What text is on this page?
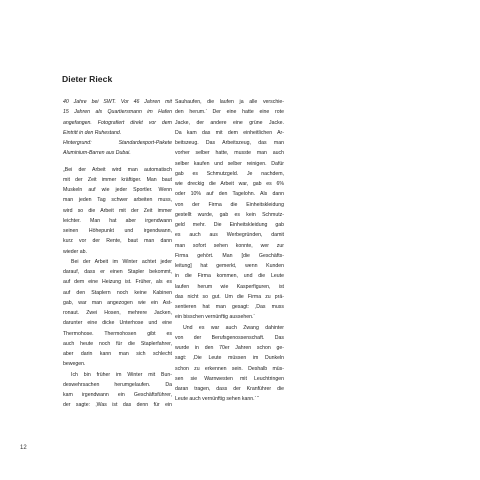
Dieter Rieck
40 Jahre bei SWT. Vor 46 Jahren mit
15 Jahren als Quartiersmann im Hafen
angefangen. Fotografiert direkt vor dem
Eintritt in den Ruhestand.
Hintergrund: Standardexport-Pakete
Aluminium-Barren aus Dubai.
„Bei der Arbeit wird man automatisch
mit der Zeit immer kräftiger. Man baut
Muskeln auf wie jeder Sportler. Wenn
man jeden Tag schwer arbeiten muss,
wird so die Arbeit mit der Zeit immer
leichter. Man hat aber irgendwann
seinen Höhepunkt und irgendwann,
kurz vor der Rente, baut man dann
wieder ab.
Bei der Arbeit im Winter achtet jeder
darauf, dass er einen Stapler bekommt,
auf dem eine Heizung ist. Früher, als es
auf den Staplern noch keine Kabinen
gab, war man angezogen wie ein Ast-
ronaut. Zwei Hosen, mehrere Jacken,
darunter eine dicke Unterhose und eine
Thermohose. Thermohosen gibt es
auch heute noch für die Staplerfahrer,
aber darin kann man sich schlecht
bewegen.
Ich bin früher im Winter mit Bun-
deswehrsachen herumgelaufen. Da
kam irgendwann ein Geschäftsführer,
der sagte: ‚Was ist das denn für ein
Sauhaufen, die laufen ja alle verschie-
den herum.‘ Der eine hatte eine rote
Jacke, der andere eine grüne Jacke.
Da kam das mit dem einheitlichen Ar-
beitszeug. Das Arbeitszeug, das man
vorher selber hatte, musste man auch
selber kaufen und selber reinigen. Dafür
gab es Schmutzgeld. Je nachdem,
wie dreckig die Arbeit war, gab es 6%
oder 10% auf den Tagelohn. Als dann
von der Firma die Einheitskleidung
gestellt wurde, gab es kein Schmutz-
geld mehr. Die Einheitskleidung gab
es auch aus Werbegründen, damit
man sofort sehen konnte, wer zur
Firma gehört. Man [die Geschäfts-
leitung] hat gemerkt, wenn Kunden
in die Firma kommen, und die Leute
laufen herum wie Kasperfiguren, ist
das nicht so gut. Um die Firma zu prä-
sentieren hat man gesagt: ‚Das muss
ein bisschen vernünftig aussehen.‘
Und es war auch Zwang dahinter
von der Berufsgenossenschaft. Das
wurde in den 70er Jahren schon ge-
sagt: ‚Die Leute müssen im Dunkeln
schon zu erkennen sein. Deshalb müs-
sen sie Warnwesten mit Leuchtringen
daran tragen, dass der Kranführer die
Leute auch vernünftig sehen kann.‘ “
12
